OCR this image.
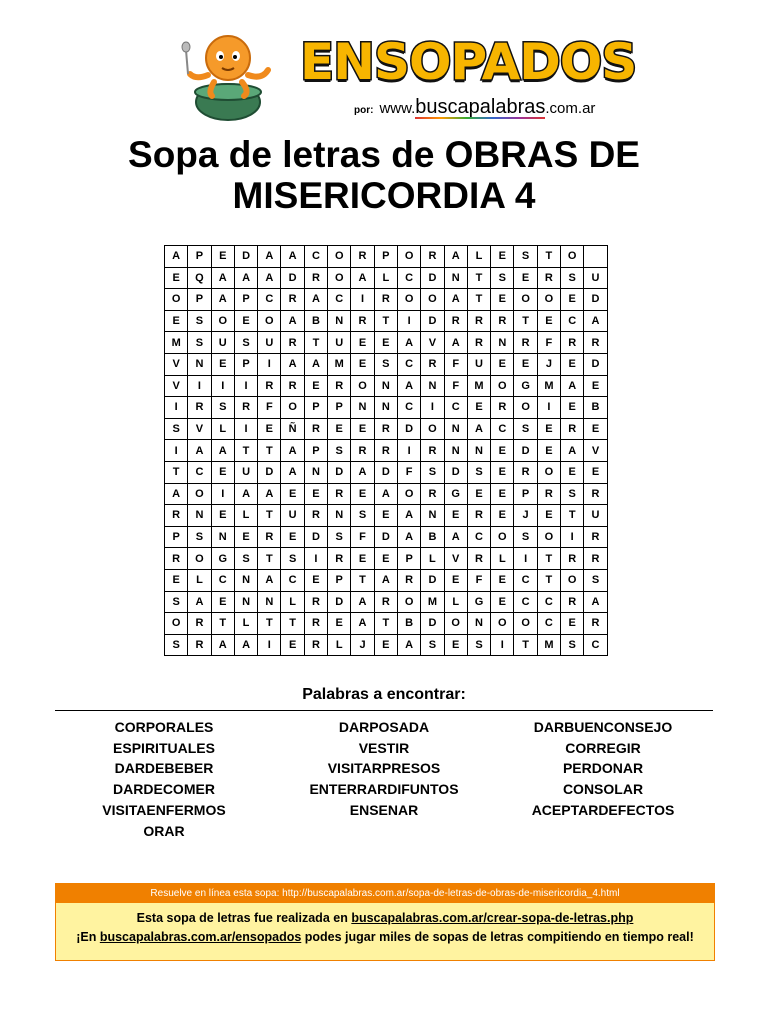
ENSOPADOS
por: www.buscapalabras.com.ar
Sopa de letras de OBRAS DE
MISERICORDIA 4
A	P	E	D	A	A	C	O	R	P	O	R	A	L	E	S	T	O	
E	Q	A	A	A	D	R	O	A	L	C	D	N	T	S	E	R	S	U
O	P	A	P	C	R	A	C	I	R	O	O	A	T	E	O	O	E	D
E	S	O	E	O	A	B	N	R	T	I	D	R	R	R	T	E	C	A
M	S	U	S	U	R	T	U	E	E	A	V	A	R	N	R	F	R	R
V	N	E	P	I	A	A	M	E	S	C	R	F	U	E	E	J	E	D
V	I	I	I	R	R	E	R	O	N	A	N	F	M	O	G	M	A	E
I	R	S	R	F	O	P	P	N	N	C	I	C	E	R	O	I	E	B
S	V	L	I	E	Ñ	R	E	E	R	D	O	N	A	C	S	E	R	E
I	A	A	T	T	A	P	S	R	R	I	R	N	N	E	D	E	A	V
T	C	E	U	D	A	N	D	A	D	F	S	D	S	E	R	O	E	E
A	O	I	A	A	E	E	R	E	A	O	R	G	E	E	P	R	S	R
R	N	E	L	T	U	R	N	S	E	A	N	E	R	E	J	E	T	U
P	S	N	E	R	E	D	S	F	D	A	B	A	C	O	S	O	I	R
R	O	G	S	T	S	I	R	E	E	P	L	V	R	L	I	T	R	R
E	L	C	N	A	C	E	P	T	A	R	D	E	F	E	C	T	O	S
S	A	E	N	N	L	R	D	A	R	O	M	L	G	E	C	C	R	A
O	R	T	L	T	T	R	E	A	T	B	D	O	N	O	O	C	E	R
S	R	A	A	I	E	R	L	J	E	A	S	E	S	I	T	M	S	C
Palabras a encontrar:
CORPORALES
ESPIRITUALES
DARDEBEBER
DARDECOMER
VISITAENFERMOS
ORAR
DARPOSADA
VESTIR
VISITARPRESOS
ENTERRARDIFUNTOS
ENSENAR
DARBUENCONSEJO
CORREGIR
PERDONAR
CONSOLAR
ACEPTARDEFECTOS
Resuelve en línea esta sopa: http://buscapalabras.com.ar/sopa-de-letras-de-obras-de-misericordia_4.html
Esta sopa de letras fue realizada en buscapalabras.com.ar/crear-sopa-de-letras.php
¡En buscapalabras.com.ar/ensopados podes jugar miles de sopas de letras compitiendo en tiempo real!
